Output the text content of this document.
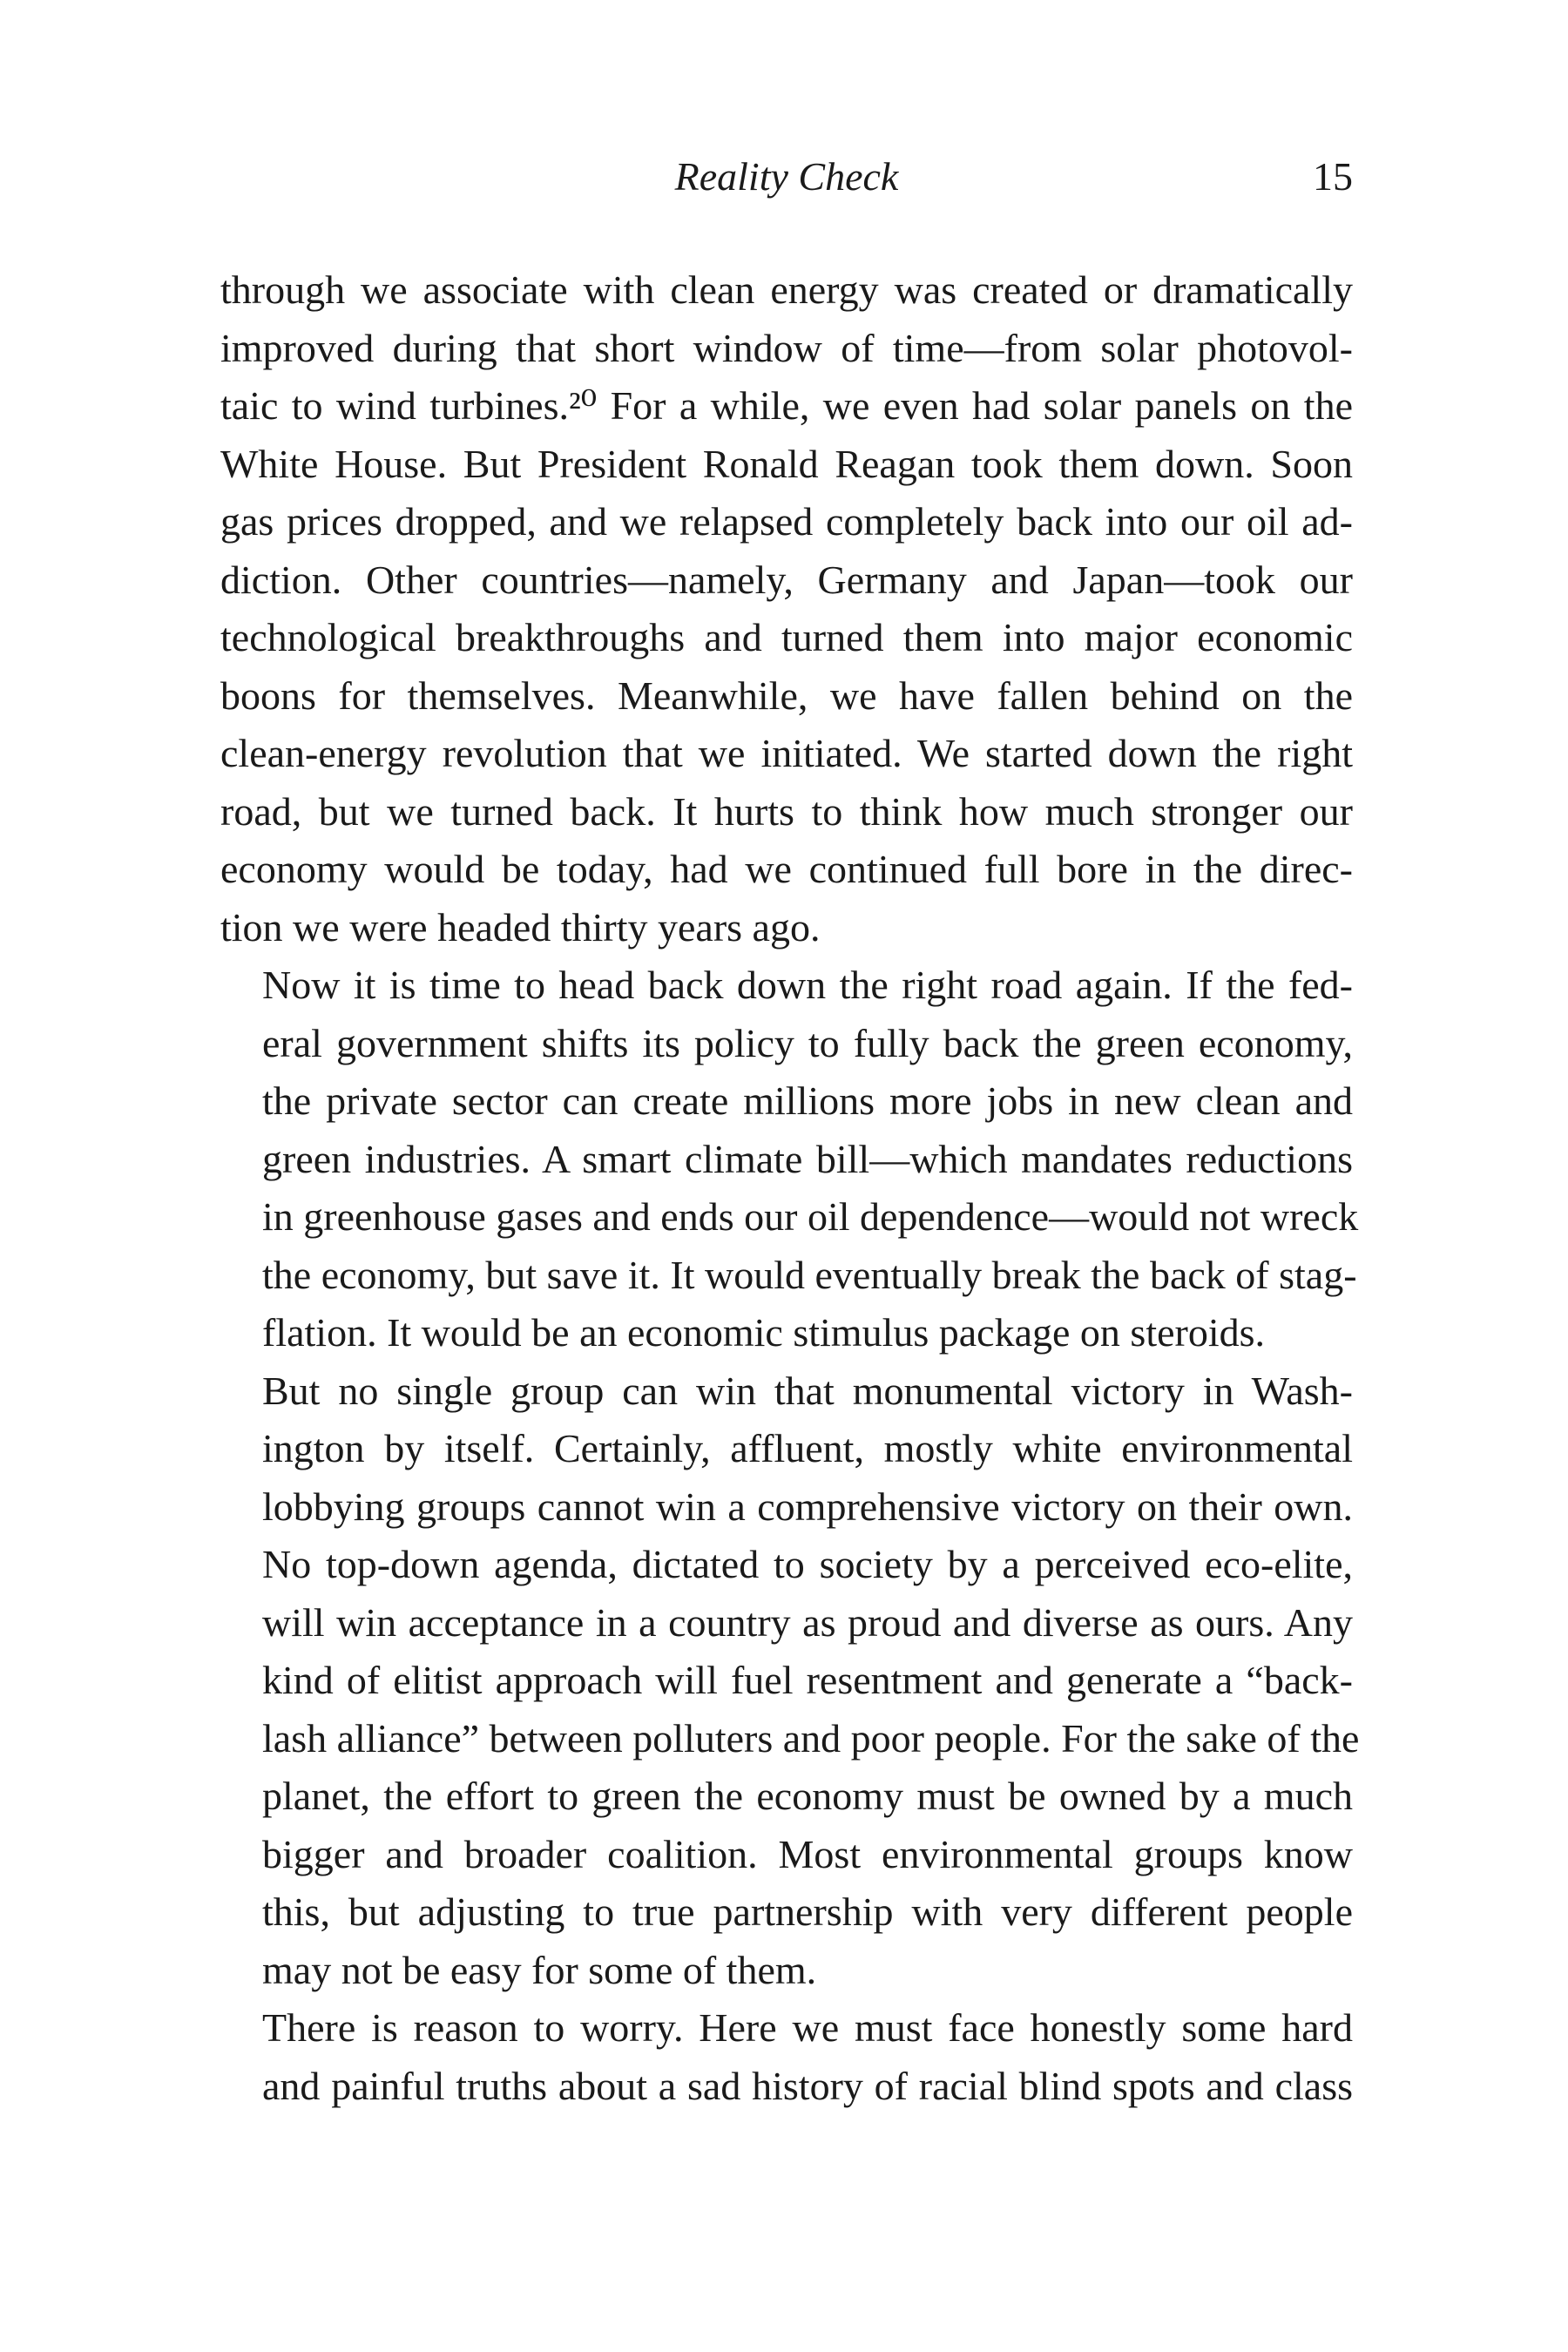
Reality Check	15

through we associate with clean energy was created or dramatically
improved during that short window of time—from solar photovol-
taic to wind turbines.²⁰ For a while, we even had solar panels on the
White House. But President Ronald Reagan took them down. Soon
gas prices dropped, and we relapsed completely back into our oil ad-
diction. Other countries—namely, Germany and Japan—took our
technological breakthroughs and turned them into major economic
boons for themselves. Meanwhile, we have fallen behind on the
clean-energy revolution that we initiated. We started down the right
road, but we turned back. It hurts to think how much stronger our
economy would be today, had we continued full bore in the direc-
tion we were headed thirty years ago.

Now it is time to head back down the right road again. If the fed-
eral government shifts its policy to fully back the green economy,
the private sector can create millions more jobs in new clean and
green industries. A smart climate bill—which mandates reductions
in greenhouse gases and ends our oil dependence—would not wreck
the economy, but save it. It would eventually break the back of stag-
flation. It would be an economic stimulus package on steroids.

But no single group can win that monumental victory in Wash-
ington by itself. Certainly, affluent, mostly white environmental
lobbying groups cannot win a comprehensive victory on their own.
No top-down agenda, dictated to society by a perceived eco-elite,
will win acceptance in a country as proud and diverse as ours. Any
kind of elitist approach will fuel resentment and generate a “back-
lash alliance” between polluters and poor people. For the sake of the
planet, the effort to green the economy must be owned by a much
bigger and broader coalition. Most environmental groups know
this, but adjusting to true partnership with very different people
may not be easy for some of them.

There is reason to worry. Here we must face honestly some hard
and painful truths about a sad history of racial blind spots and class
